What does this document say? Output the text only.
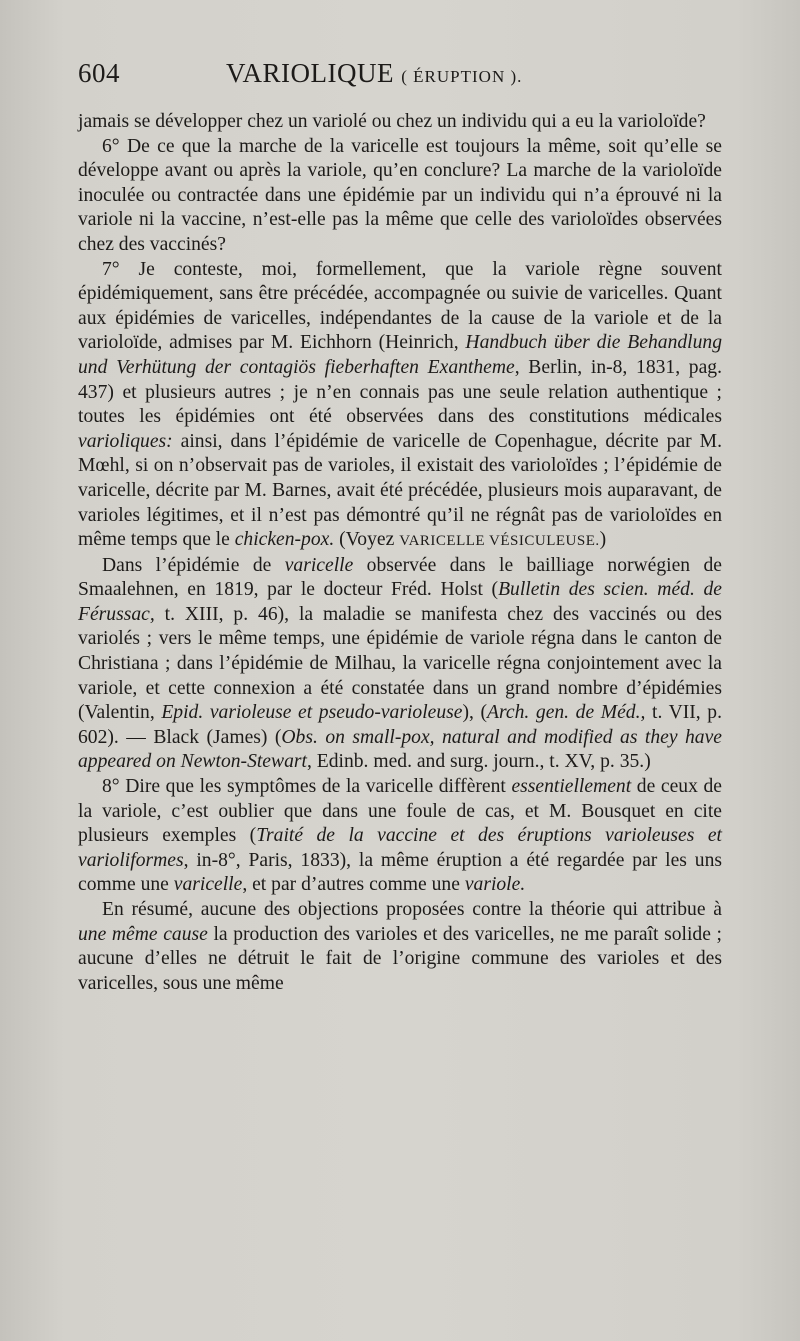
604	VARIOLIQUE ( ÉRUPTION ).

jamais se développer chez un variolé ou chez un individu qui a eu la varioloïde?

6° De ce que la marche de la varicelle est toujours la même, soit qu’elle se développe avant ou après la variole, qu’en conclure? La marche de la varioloïde inoculée ou contractée dans une épidémie par un individu qui n’a éprouvé ni la variole ni la vaccine, n’est-elle pas la même que celle des varioloïdes observées chez des vaccinés?

7° Je conteste, moi, formellement, que la variole règne souvent épidémiquement, sans être précédée, accompagnée ou suivie de varicelles. Quant aux épidémies de varicelles, indépendantes de la cause de la variole et de la varioloïde, admises par M. Eichhorn (Heinrich, Handbuch über die Behandlung und Verhütung der contagiös fieberhaften Exantheme, Berlin, in-8, 1831, pag. 437) et plusieurs autres ; je n’en connais pas une seule relation authentique ; toutes les épidémies ont été observées dans des constitutions médicales varioliques: ainsi, dans l’épidémie de varicelle de Copenhague, décrite par M. Mœhl, si on n’observait pas de varioles, il existait des varioloïdes ; l’épidémie de varicelle, décrite par M. Barnes, avait été précédée, plusieurs mois auparavant, de varioles légitimes, et il n’est pas démontré qu’il ne régnât pas de varioloïdes en même temps que le chicken-pox. (Voyez VARICELLE VÉSICULEUSE.)

Dans l’épidémie de varicelle observée dans le bailliage norwégien de Smaalehnen, en 1819, par le docteur Fréd. Holst (Bulletin des scien. méd. de Férussac, t. XIII, p. 46), la maladie se manifesta chez des vaccinés ou des variolés ; vers le même temps, une épidémie de variole régna dans le canton de Christiana ; dans l’épidémie de Milhau, la varicelle régna conjointement avec la variole, et cette connexion a été constatée dans un grand nombre d’épidémies (Valentin, Epid. varioleuse et pseudo-varioleuse), (Arch. gen. de Méd., t. VII, p. 602). — Black (James) (Obs. on small-pox, natural and modified as they have appeared on Newton-Stewart, Edinb. med. and surg. journ., t. XV, p. 35.)

8° Dire que les symptômes de la varicelle diffèrent essentiellement de ceux de la variole, c’est oublier que dans une foule de cas, et M. Bousquet en cite plusieurs exemples (Traité de la vaccine et des éruptions varioleuses et varioliformes, in-8°, Paris, 1833), la même éruption a été regardée par les uns comme une varicelle, et par d’autres comme une variole.

En résumé, aucune des objections proposées contre la théorie qui attribue à une même cause la production des varioles et des varicelles, ne me paraît solide ; aucune d’elles ne détruit le fait de l’origine commune des varioles et des varicelles, sous une même
